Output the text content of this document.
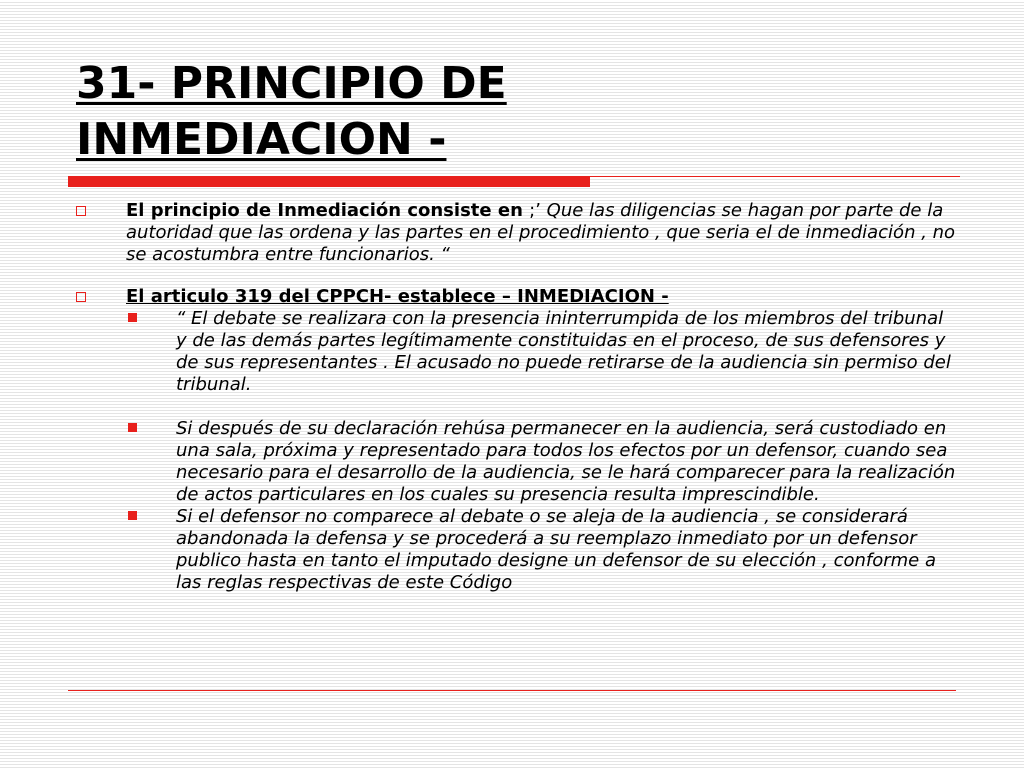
31- PRINCIPIO DE
INMEDIACION -
El principio de Inmediación consiste en ;’ Que las diligencias se hagan por parte de la autoridad que las ordena y las partes en el procedimiento , que seria el de inmediación , no se acostumbra entre funcionarios. “
El articulo 319 del CPPCH- establece – INMEDIACION -
“ El debate se realizara con la presencia ininterrumpida de los miembros del tribunal y de las demás partes legítimamente constituidas en el proceso, de sus defensores y de sus representantes . El acusado no puede retirarse de la audiencia sin permiso del tribunal.
Si después de su declaración rehúsa permanecer en la audiencia, será custodiado en una sala, próxima y representado para todos los efectos por un defensor, cuando sea necesario para el desarrollo de la audiencia, se le hará comparecer para la realización de actos particulares en los cuales su presencia resulta imprescindible.
Si el defensor no comparece al debate o se aleja de la audiencia , se considerará abandonada la defensa y se procederá a su reemplazo inmediato por un defensor publico hasta en tanto el imputado designe un defensor de su elección , conforme a las reglas respectivas de este Código
